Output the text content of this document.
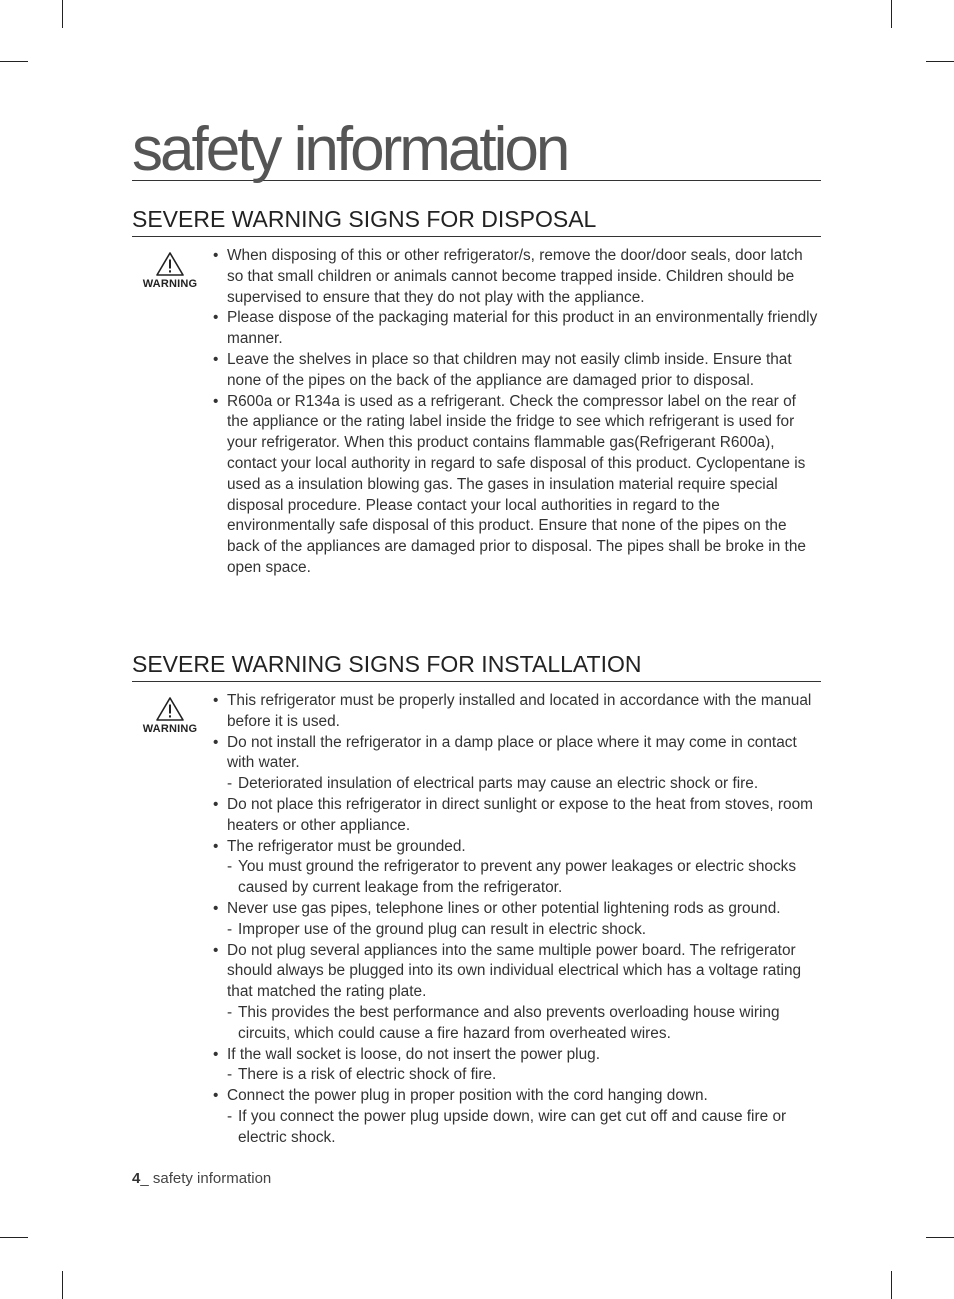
safety information
SEVERE WARNING SIGNS FOR DISPOSAL
WARNING
• When disposing of this or other refrigerator/s, remove the door/door seals, door latch so that small children or animals cannot become trapped inside. Children should be supervised to ensure that they do not play with the appliance.
• Please dispose of the packaging material for this product in an environmentally friendly manner.
• Leave the shelves in place so that children may not easily climb inside. Ensure that none of the pipes on the back of the appliance are damaged prior to disposal.
• R600a or R134a is used as a refrigerant. Check the compressor label on the rear of the appliance or the rating label inside the fridge to see which refrigerant is used for your refrigerator. When this product contains flammable gas(Refrigerant R600a), contact your local authority in regard to safe disposal of this product. Cyclopentane is used as a insulation blowing gas. The gases in insulation material require special disposal procedure. Please contact your local authorities in regard to the environmentally safe disposal of this product. Ensure that none of the pipes on the back of the appliances are damaged prior to disposal. The pipes shall be broke in the open space.
SEVERE WARNING SIGNS FOR INSTALLATION
WARNING
• This refrigerator must be properly installed and located in accordance with the manual before it is used.
• Do not install the refrigerator in a damp place or place where it may come in contact with water.
- Deteriorated insulation of electrical parts may cause an electric shock or fire.
• Do not place this refrigerator in direct sunlight or expose to the heat from stoves, room heaters or other appliance.
• The refrigerator must be grounded.
- You must ground the refrigerator to prevent any power leakages or electric shocks caused by current leakage from the refrigerator.
• Never use gas pipes, telephone lines or other potential lightening rods as ground.
- Improper use of the ground plug can result in electric shock.
• Do not plug several appliances into the same multiple power board. The refrigerator should always be plugged into its own individual electrical which has a voltage rating that matched the rating plate.
- This provides the best performance and also prevents overloading house wiring circuits, which could cause a fire hazard from overheated wires.
• If the wall socket is loose, do not insert the power plug.
- There is a risk of electric shock of fire.
• Connect the power plug in proper position with the cord hanging down.
- If you connect the power plug upside down, wire can get cut off and cause fire or electric shock.
4_ safety information
